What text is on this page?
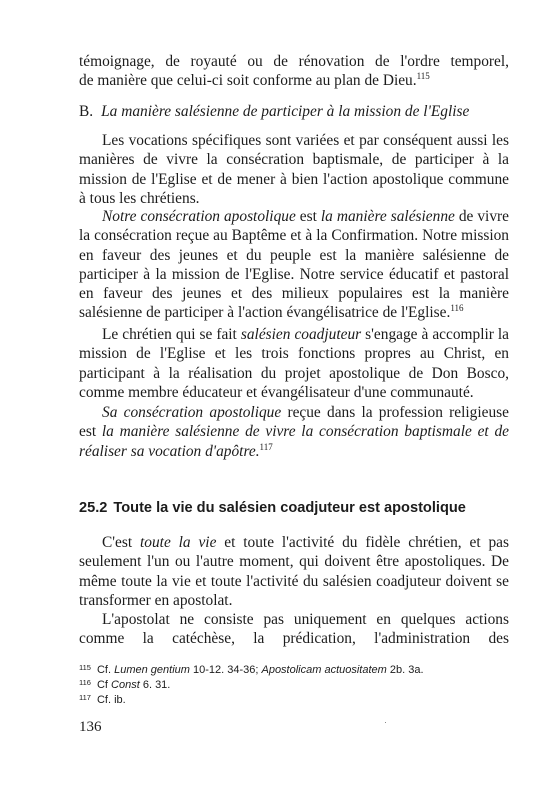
témoignage, de royauté ou de rénovation de l'ordre temporel,
de manière que celui-ci soit conforme au plan de Dieu.$^{115}$

B. La manière salésienne de participer à la mission de l'Eglise

Les vocations spécifiques sont variées et par conséquent aussi les manières de vivre la consécration baptismale, de participer à la mission de l'Eglise et de mener à bien l'action apostolique commune à tous les chrétiens.

Notre consécration apostolique est la manière salésienne de vivre la consécration reçue au Baptême et à la Confirmation. Notre mission en faveur des jeunes et du peuple est la manière salésienne de participer à la mission de l'Eglise. Notre service éducatif et pastoral en faveur des jeunes et des milieux populaires est la manière salésienne de participer à l'action évangélisatrice de l'Eglise.$^{116}$

Le chrétien qui se fait salésien coadjuteur s'engage à accomplir la mission de l'Eglise et les trois fonctions propres au Christ, en participant à la réalisation du projet apostolique de Don Bosco, comme membre éducateur et évangélisateur d'une communauté.

Sa consécration apostolique reçue dans la profession religieuse est la manière salésienne de vivre la consécration baptismale et de réaliser sa vocation d'apôtre.$^{117}$

25.2 Toute la vie du salésien coadjuteur est apostolique

C'est toute la vie et toute l'activité du fidèle chrétien, et pas seulement l'un ou l'autre moment, qui doivent être apostoliques. De même toute la vie et toute l'activité du salésien coadjuteur doivent se transformer en apostolat.

L'apostolat ne consiste pas uniquement en quelques actions comme la catéchèse, la prédication, l'administration des

$^{115}$ Cf. Lumen gentium 10-12. 34-36; Apostolicam actuositatem 2b. 3a.

$^{116}$ Cf Const 6. 31.

$^{117}$ Cf. ib.

136
